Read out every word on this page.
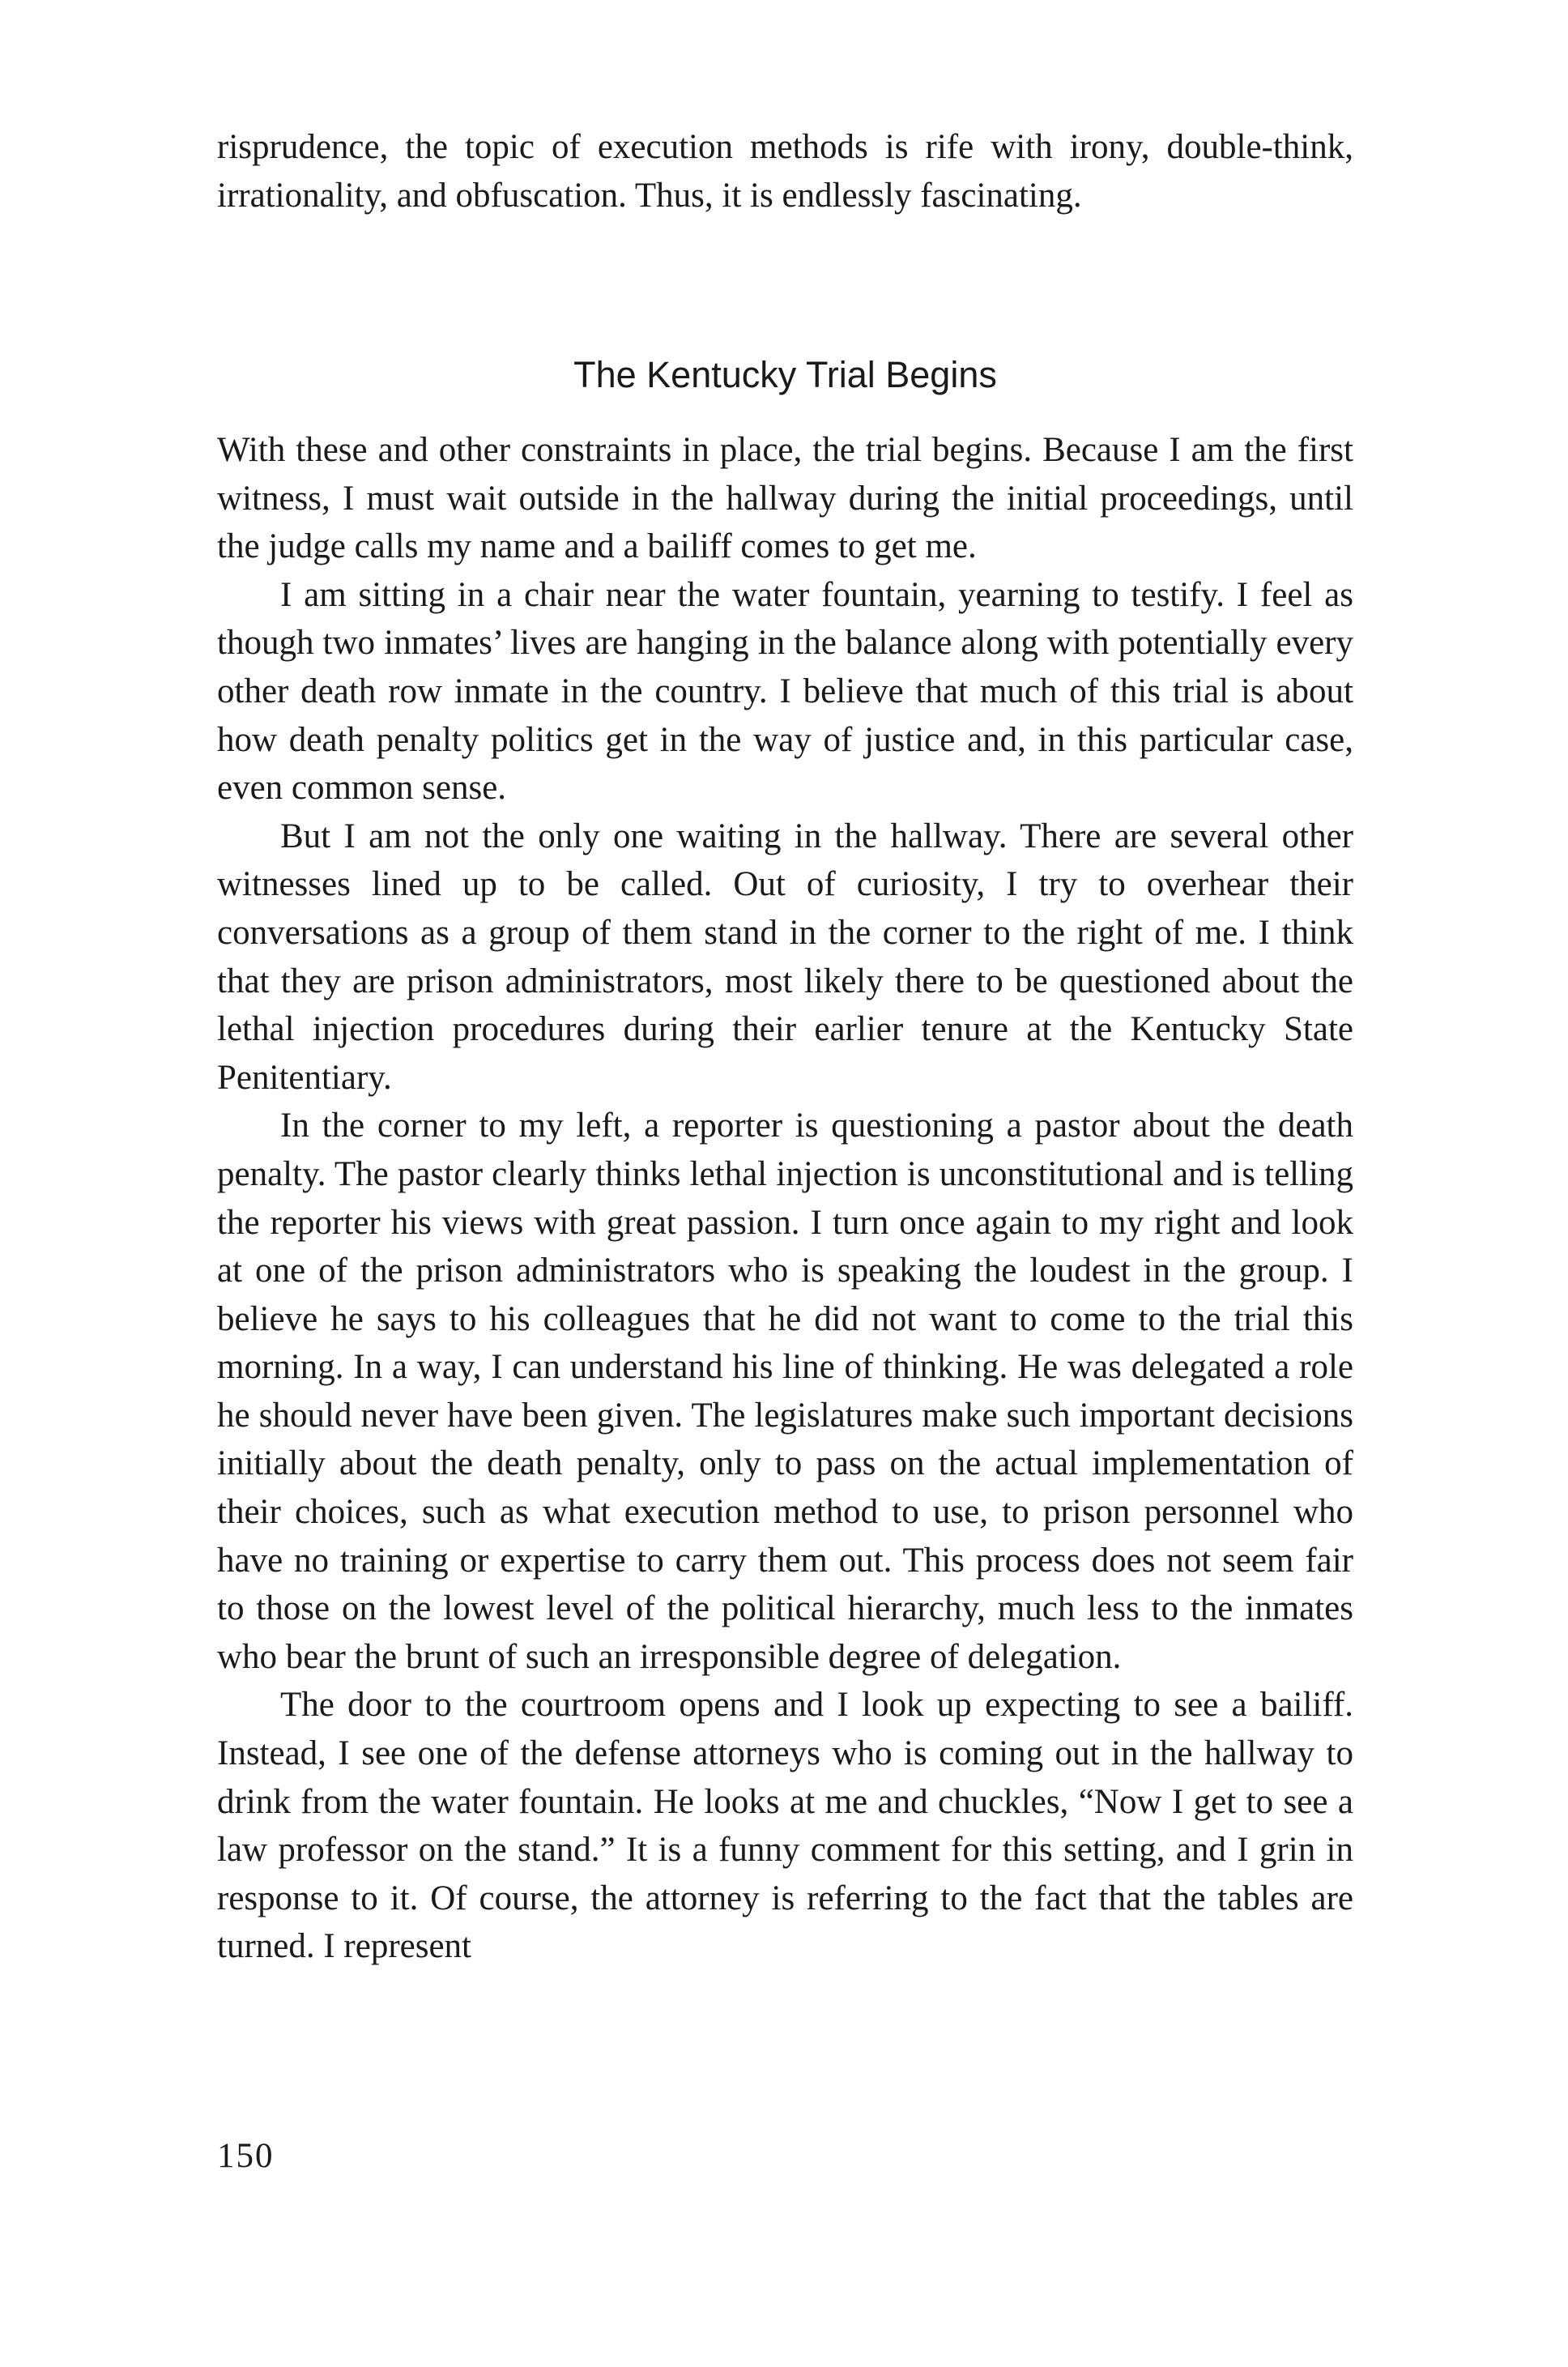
risprudence, the topic of execution methods is rife with irony, double-think, irrationality, and obfuscation. Thus, it is endlessly fascinating.

The Kentucky Trial Begins

With these and other constraints in place, the trial begins. Because I am the first witness, I must wait outside in the hallway during the initial proceedings, until the judge calls my name and a bailiff comes to get me.

I am sitting in a chair near the water fountain, yearning to testify. I feel as though two inmates’ lives are hanging in the balance along with potentially every other death row inmate in the country. I believe that much of this trial is about how death penalty politics get in the way of justice and, in this particular case, even common sense.

But I am not the only one waiting in the hallway. There are several other witnesses lined up to be called. Out of curiosity, I try to overhear their conversations as a group of them stand in the corner to the right of me. I think that they are prison administrators, most likely there to be questioned about the lethal injection procedures during their earlier tenure at the Kentucky State Penitentiary.

In the corner to my left, a reporter is questioning a pastor about the death penalty. The pastor clearly thinks lethal injection is unconstitutional and is telling the reporter his views with great passion. I turn once again to my right and look at one of the prison administrators who is speaking the loudest in the group. I believe he says to his colleagues that he did not want to come to the trial this morning. In a way, I can understand his line of thinking. He was delegated a role he should never have been given. The legislatures make such important decisions initially about the death penalty, only to pass on the actual implementation of their choices, such as what execution method to use, to prison personnel who have no training or expertise to carry them out. This process does not seem fair to those on the lowest level of the political hierarchy, much less to the inmates who bear the brunt of such an irresponsible degree of delegation.

The door to the courtroom opens and I look up expecting to see a bailiff. Instead, I see one of the defense attorneys who is coming out in the hallway to drink from the water fountain. He looks at me and chuckles, “Now I get to see a law professor on the stand.” It is a funny comment for this setting, and I grin in response to it. Of course, the attorney is referring to the fact that the tables are turned. I represent

150
